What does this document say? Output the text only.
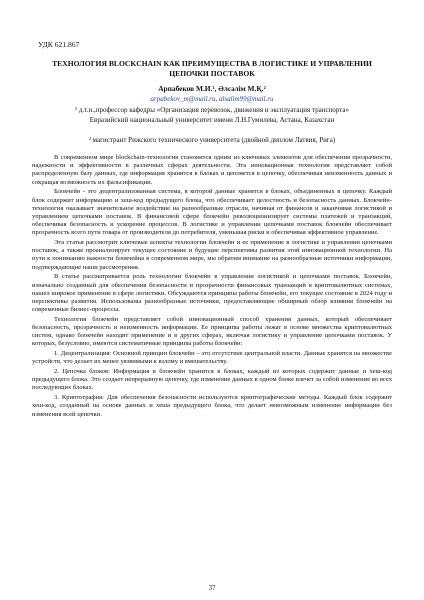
УДК 621.867
ТЕХНОЛОГИЯ BLOCKCHAIN КАК ПРЕИМУЩЕСТВА В ЛОГИСТИКЕ И УПРАВЛЕНИИ ЦЕПОЧКИ ПОСТАВОК
Арпабеков М.И.¹, Әлсәлім М.Қ.²
arpabekov_m@mail.ru, alsalim99@mail.ru
¹ д.т.н.,профессор кафедры «Организация перевозок, движения и эксплуатация транспорта» Евразийский национальный университет имени Л.Н.Гумилева, Астана, Казахстан
² магистрант Рижского технического университета (двойной диплом Латвия, Рига)

В современном мире blockchain-технология становится одним из ключевых элементов для обеспечения прозрачности, надежности и эффективности в различных сферах деятельности. Эта инновационная технология представляет собой распределенную базу данных, где информация хранится в блоках и цепляется в цепочку, обеспечивая неизменность данных и сокращая возможность их фальсификации.

Блокчейн - это децентрализованная система, в которой данные хранятся в блоках, объединенных в цепочку. Каждый блок содержит информацию и хеш-код предыдущего блока, что обеспечивает целостность и безопасность данных. Блокчейн-технология оказывает значительное воздействие на разнообразные отрасли, начиная от финансов и заканчивая логистикой и управлением цепочками поставок. В финансовой сфере блокчейн революционизирует системы платежей и транзакций, обеспечивая безопасность и ускорение процессов. В логистике и управлении цепочками поставок блокчейн обеспечивает прозрачность всего пути товара от производителя до потребителя, уменьшая риски и обеспечивая эффективное управление.

Эта статья рассмотрит ключевые аспекты технологии блокчейн и ее применение в логистике и управлении цепочками поставок, а также проанализирует текущее состояние и будущие перспективы развития этой инновационной технологии. На пути к пониманию важности блокчейна в современном мире, мы обратим внимание на разнообразные источники информации, подтверждающие наши рассмотрения.

В статье рассматривается роль технологии блокчейн в управлении логистикой и цепочками поставок. Блокчейн, изначально созданный для обеспечения безопасности и прозрачности финансовых транзакций в криптовалютных системах, нашел широкое применение в сфере логистики. Обсуждаются принципы работы блокчейн, его текущее состояние в 2024 году и перспективы развития. Использованы разнообразные источники, предоставляющие обширный обзор влияния блокчейн на современные бизнес-процессы.

Технология блокчейн представляет собой инновационный способ хранения данных, который обеспечивает безопасность, прозрачность и неизменность информации. Ее принципы работы лежат в основе множества криптовалютных систем, однако блокчейн находит применение и в других сферах, включая логистику и управление цепочками поставок. У которых, безусловно, имеются систематичные принципы работы блокчейн:

1. Децентрализация: Основной принцип блокчейн – это отсутствие центральной власти. Данные хранятся на множестве устройств, что делает их менее уязвимыми к взлому и вмешательству.

2. Цепочка блоков: Информация в блокчейн хранится в блоках, каждый из которых содержит данные и хеш-код предыдущего блока. Это создает непрерывную цепочку, где изменение данных в одном блоке влечет за собой изменение во всех последующих блоках.

3. Криптография: Для обеспечения безопасности используются криптографические методы. Каждый блок содержит хеш-код, созданный на основе данных и хеша предыдущего блока, что делает невозможным изменение информации без изменения всей цепочки.

37
